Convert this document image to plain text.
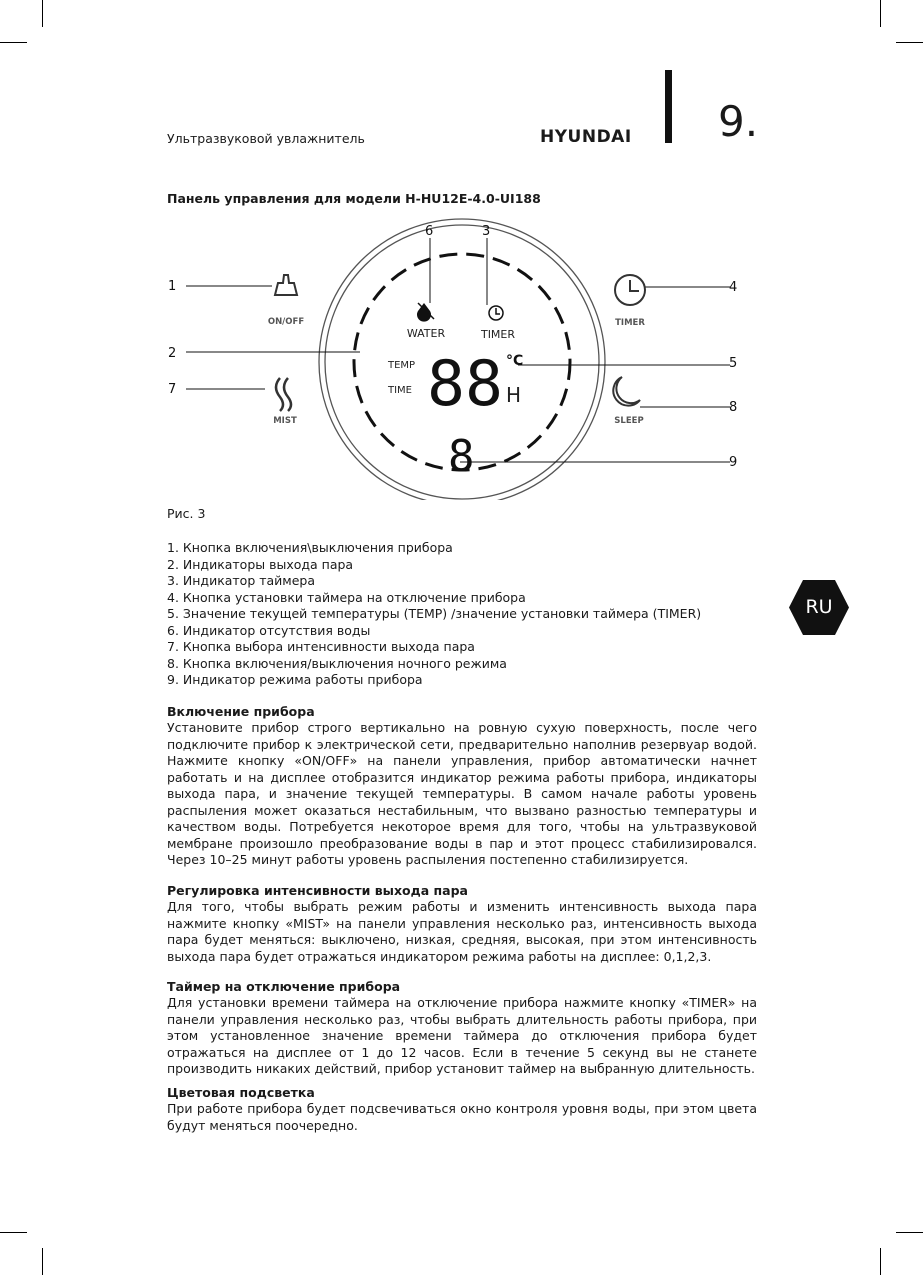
Ультразвуковой увлажнитель	HYUNDAI 9.
Панель управления для модели H-HU12E-4.0-UI188
1
2
7
6	3
4
5
8
9
ON/OFF	TIMER
MIST	SLEEP
WATER	TIMER
TEMP
TIME 88 °C
H
8
Рис. 3
1. Кнопка включения\выключения прибора
2. Индикаторы выхода пара
3. Индикатор таймера
4. Кнопка установки таймера на отключение прибора
5. Значение текущей температуры (TEMP) /значение установки таймера (TIMER)
6. Индикатор отсутствия воды
7. Кнопка выбора интенсивности выхода пара
8. Кнопка включения/выключения ночного режима
9. Индикатор режима работы прибора
Включение прибора

Установите прибор строго вертикально на ровную сухую поверхность, после чего подключите прибор к электрической сети, предварительно наполнив резервуар водой. Нажмите кнопку «ON/OFF» на панели управления, прибор автоматически начнет работать и на дисплее отобразится индикатор режима работы прибора, индикаторы выхода пара, и значение текущей температуры. В самом начале работы уровень распыления может оказаться нестабильным, что вызвано разностью температуры и качеством воды. Потребуется некоторое время для того, чтобы на ультразвуковой мембране произошло преобразование воды в пар и этот процесс стабилизировался. Через 10–25 минут работы уровень распыления постепенно стабилизируется.

Регулировка интенсивности выхода пара

Для того, чтобы выбрать режим работы и изменить интенсивность выхода пара нажмите кнопку «MIST» на панели управления несколько раз, интенсивность выхода пара будет меняться: выключено, низкая, средняя, высокая, при этом интенсивность выхода пара будет отражаться индикатором режима работы на дисплее: 0,1,2,3.

Таймер на отключение прибора

Для установки времени таймера на отключение прибора нажмите кнопку «TIMER» на панели управления несколько раз, чтобы выбрать длительность работы прибора, при этом установленное значение времени таймера до отключения прибора будет отражаться на дисплее от 1 до 12 часов. Если в течение 5 секунд вы не станете производить никаких действий, прибор установит таймер на выбранную длительность.

Цветовая подсветка

При работе прибора будет подсвечиваться окно контроля уровня воды, при этом цвета будут меняться поочередно.

RU
